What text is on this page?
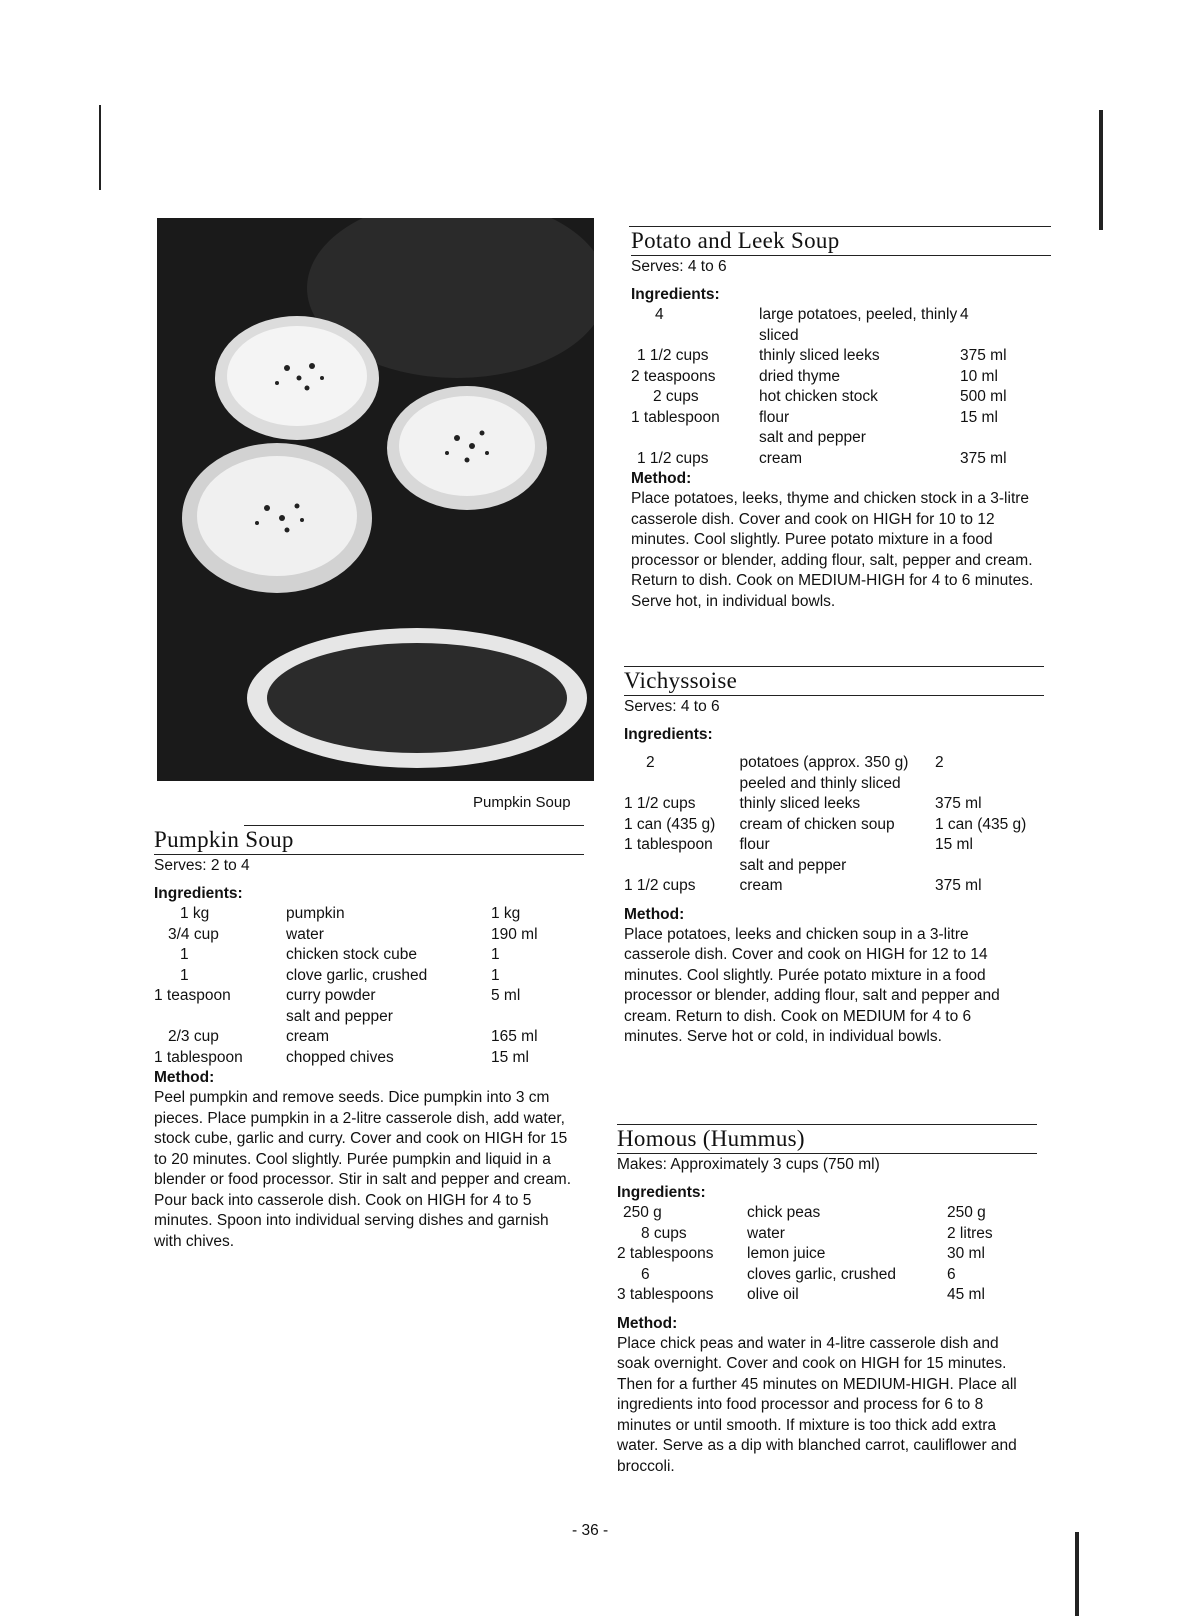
Pumpkin Soup
Potato and Leek Soup
Serves: 4 to 6
Ingredients:
4	large potatoes, peeled, thinly sliced	4
1 1/2 cups	thinly sliced leeks	375 ml
2 teaspoons	dried thyme	10 ml
2 cups	hot chicken stock	500 ml
1 tablespoon	flour	15 ml
	salt and pepper	
1 1/2 cups	cream	375 ml
Method:

Place potatoes, leeks, thyme and chicken stock in a 3-litre casserole dish. Cover and cook on HIGH for 10 to 12 minutes. Cool slightly. Puree potato mixture in a food processor or blender, adding flour, salt, pepper and cream. Return to dish. Cook on MEDIUM-HIGH for 4 to 6 minutes. Serve hot, in individual bowls.

Vichyssoise
Serves: 4 to 6
Ingredients:
2	potatoes (approx. 350 g) peeled and thinly sliced	2
1 1/2 cups	thinly sliced leeks	375 ml
1 can (435 g)	cream of chicken soup	1 can (435 g)
1 tablespoon	flour	15 ml
	salt and pepper	
1 1/2 cups	cream	375 ml
Method:

Place potatoes, leeks and chicken soup in a 3-litre casserole dish. Cover and cook on HIGH for 12 to 14 minutes. Cool slightly. Purée potato mixture in a food processor or blender, adding flour, salt and pepper and cream. Return to dish. Cook on MEDIUM for 4 to 6 minutes. Serve hot or cold, in individual bowls.

Homous (Hummus)
Makes: Approximately 3 cups (750 ml)
Ingredients:
250 g	chick peas	250 g
8 cups	water	2 litres
2 tablespoons	lemon juice	30 ml
6	cloves garlic, crushed	6
3 tablespoons	olive oil	45 ml
Method:

Place chick peas and water in 4-litre casserole dish and soak overnight. Cover and cook on HIGH for 15 minutes. Then for a further 45 minutes on MEDIUM-HIGH. Place all ingredients into food processor and process for 6 to 8 minutes or until smooth. If mixture is too thick add extra water. Serve as a dip with blanched carrot, cauliflower and broccoli.

Pumpkin Soup
Serves: 2 to 4
Ingredients:
1 kg	pumpkin	1 kg
3/4 cup	water	190 ml
1	chicken stock cube	1
1	clove garlic, crushed	1
1 teaspoon	curry powder	5 ml
	salt and pepper	
2/3 cup	cream	165 ml
1 tablespoon	chopped chives	15 ml
Method:

Peel pumpkin and remove seeds. Dice pumpkin into 3 cm pieces. Place pumpkin in a 2-litre casserole dish, add water, stock cube, garlic and curry. Cover and cook on HIGH for 15 to 20 minutes. Cool slightly. Purée pumpkin and liquid in a blender or food processor. Stir in salt and pepper and cream. Pour back into casserole dish. Cook on HIGH for 4 to 5 minutes. Spoon into individual serving dishes and garnish with chives.

- 36 -
